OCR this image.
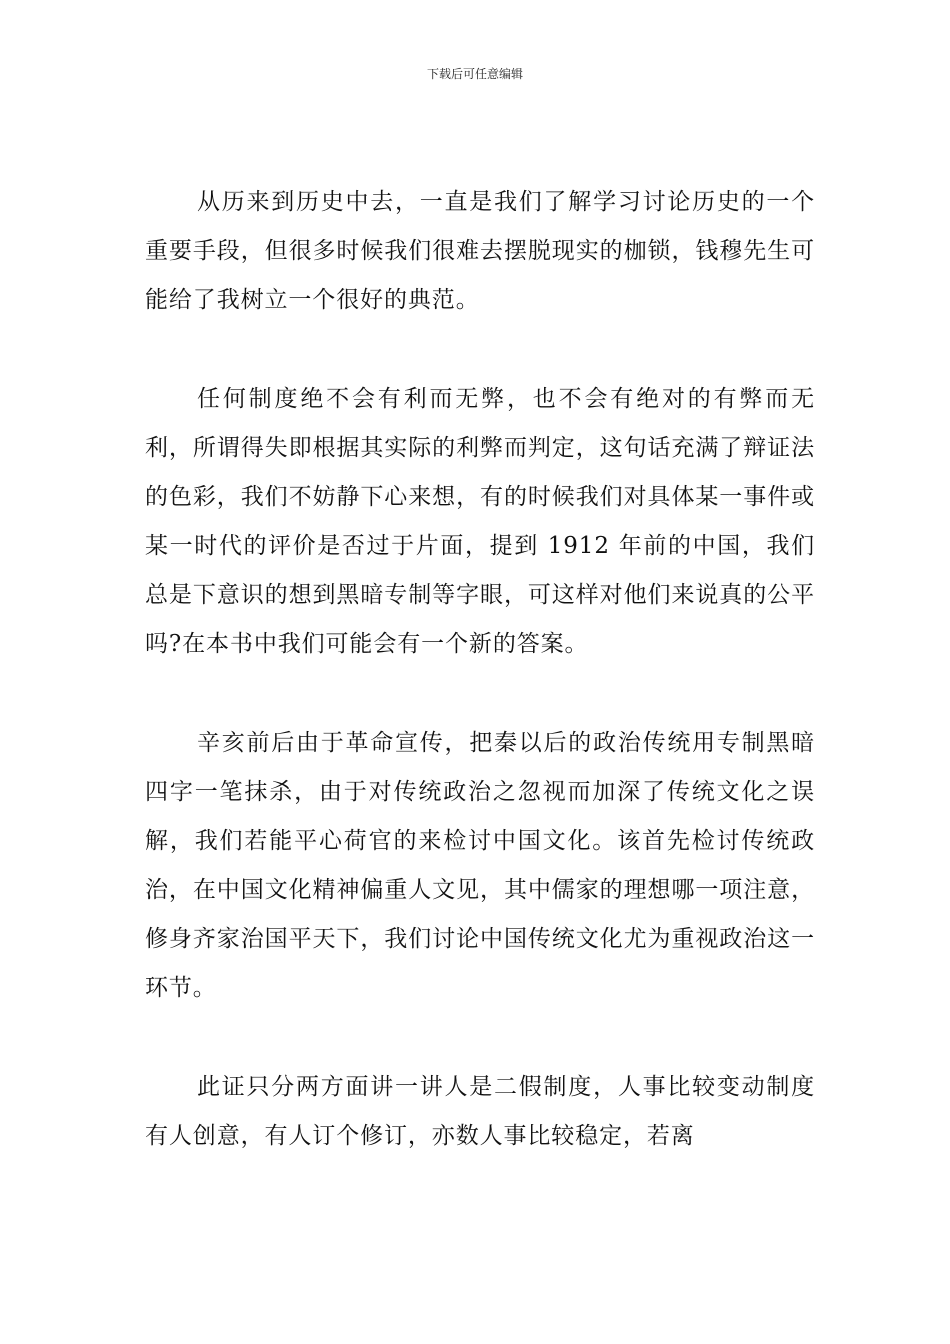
下载后可任意编辑

从历来到历史中去，一直是我们了解学习讨论历史的一个重要手段，但很多时候我们很难去摆脱现实的枷锁，钱穆先生可能给了我树立一个很好的典范。

任何制度绝不会有利而无弊，也不会有绝对的有弊而无利，所谓得失即根据其实际的利弊而判定，这句话充满了辩证法的色彩，我们不妨静下心来想，有的时候我们对具体某一事件或某一时代的评价是否过于片面，提到 1912 年前的中国，我们总是下意识的想到黑暗专制等字眼，可这样对他们来说真的公平吗?在本书中我们可能会有一个新的答案。

辛亥前后由于革命宣传，把秦以后的政治传统用专制黑暗四字一笔抹杀，由于对传统政治之忽视而加深了传统文化之误解，我们若能平心荷官的来检讨中国文化。该首先检讨传统政治，在中国文化精神偏重人文见，其中儒家的理想哪一项注意，修身齐家治国平天下，我们讨论中国传统文化尤为重视政治这一环节。

此证只分两方面讲一讲人是二假制度，人事比较变动制度有人创意，有人订个修订，亦数人事比较稳定，若离
